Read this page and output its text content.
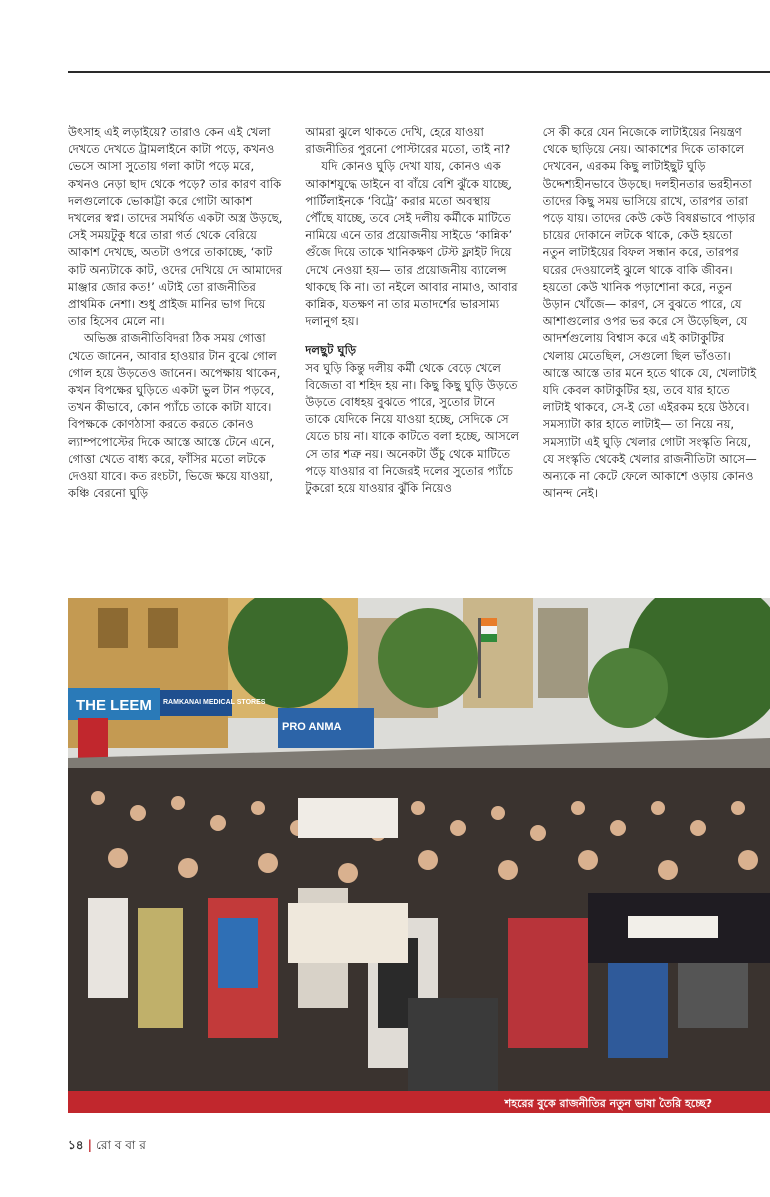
উৎসাহ এই লড়াইয়ে? তারাও কেন এই খেলা দেখতে দেখতে ট্রামলাইনে কাটা পড়ে, কখনও ভেসে আসা সুতোয় গলা কাটা পড়ে মরে, কখনও নেড়া ছাদ থেকে পড়ে? তার কারণ বাকি দলগুলোকে ভোকাট্টা করে গোটা আকাশ দখলের স্বপ্ন। তাদের সমর্থিত একটা অস্ত্র উড়ছে, সেই সময়টুকু ধরে তারা গর্ত থেকে বেরিয়ে আকাশ দেখছে, অতটা ওপরে তাকাচ্ছে, ‘কাট কাট অন্যটাকে কাট, ওদের দেখিয়ে দে আমাদের মাঞ্জার জোর কত!’ এটাই তো রাজনীতির প্রাথমিক নেশা। শুধু প্রাইজ মানির ভাগ দিয়ে তার হিসেব মেলে না।

অভিজ্ঞ রাজনীতিবিদরা ঠিক সময় গোত্তা খেতে জানেন, আবার হাওয়ার টান বুঝে গোল গোল হয়ে উড়তেও জানেন। অপেক্ষায় থাকেন, কখন বিপক্ষের ঘুড়িতে একটা ভুল টান পড়বে, তখন কীভাবে, কোন প্যাঁচে তাকে কাটা যাবে। বিপক্ষকে কোণঠাসা করতে করতে কোনও ল্যাম্পপোস্টের দিকে আস্তে আস্তে টেনে এনে, গোত্তা খেতে বাধ্য করে, ফাঁসির মতো লটকে দেওয়া যাবে। কত রংচটা, ভিজে ক্ষয়ে যাওয়া, কঞ্চি বেরনো ঘুড়ি

আমরা ঝুলে থাকতে দেখি, হেরে যাওয়া রাজনীতির পুরনো পোস্টারের মতো, তাই না?

যদি কোনও ঘুড়ি দেখা যায়, কোনও এক আকাশযুদ্ধে ডাইনে বা বাঁয়ে বেশি ঝুঁকে যাচ্ছে, পার্টিলাইনকে ‘বিট্রে’ করার মতো অবস্থায় পৌঁছে যাচ্ছে, তবে সেই দলীয় কর্মীকে মাটিতে নামিয়ে এনে তার প্রয়োজনীয় সাইডে ‘কান্নিক’ গুঁজে দিয়ে তাকে খানিকক্ষণ টেস্ট ফ্লাইট দিয়ে দেখে নেওয়া হয়— তার প্রয়োজনীয় ব্যালেন্স থাকছে কি না। তা নইলে আবার নামাও, আবার কান্নিক, যতক্ষণ না তার মতাদর্শের ভারসাম্য দলানুগ হয়।

দলছুট ঘুড়ি

সব ঘুড়ি কিন্তু দলীয় কর্মী থেকে বেড়ে খেলে বিজেতা বা শহিদ হয় না। কিছু কিছু ঘুড়ি উড়তে উড়তে বোধহয় বুঝতে পারে, সুতোর টানে তাকে যেদিকে নিয়ে যাওয়া হচ্ছে, সেদিকে সে যেতে চায় না। যাকে কাটতে বলা হচ্ছে, আসলে সে তার শত্রু নয়। অনেকটা উঁচু থেকে মাটিতে পড়ে যাওয়ার বা নিজেরই দলের সুতোর প্যাঁচে টুকরো হয়ে যাওয়ার ঝুঁকি নিয়েও

সে কী করে যেন নিজেকে লাটাইয়ের নিয়ন্ত্রণ থেকে ছাড়িয়ে নেয়। আকাশের দিকে তাকালে দেখবেন, এরকম কিছু লাটাইছুট ঘুড়ি উদ্দেশ্যহীনভাবে উড়ছে। দলহীনতার ভরহীনতা তাদের কিছু সময় ভাসিয়ে রাখে, তারপর তারা পড়ে যায়। তাদের কেউ কেউ বিষণ্ণভাবে পাড়ার চায়ের দোকানে লটকে থাকে, কেউ হয়তো নতুন লাটাইয়ের বিফল সন্ধান করে, তারপর ঘরের দেওয়ালেই ঝুলে থাকে বাকি জীবন। হয়তো কেউ খানিক পড়াশোনা করে, নতুন উড়ান খোঁজে— কারণ, সে বুঝতে পারে, যে আশাগুলোর ওপর ভর করে সে উড়েছিল, যে আদর্শগুলোয় বিশ্বাস করে এই কাটাকুটির খেলায় মেতেছিল, সেগুলো ছিল ভাঁওতা। আস্তে আস্তে তার মনে হতে থাকে যে, খেলাটাই যদি কেবল কাটাকুটির হয়, তবে যার হাতে লাটাই থাকবে, সে-ই তো এইরকম হয়ে উঠবে। সমস্যাটা কার হাতে লাটাই— তা নিয়ে নয়, সমস্যাটা এই ঘুড়ি খেলার গোটা সংস্কৃতি নিয়ে, যে সংস্কৃতি থেকেই খেলার রাজনীতিটা আসে— অন্যকে না কেটে ফেলে আকাশে ওড়ায় কোনও আনন্দ নেই।

THE LEEM RAMKANAI MEDICAL STORES
PRO ANMA
শহরের বুকে রাজনীতির নতুন ভাষা তৈরি হচ্ছে?
১৪ | রো ব বা র
